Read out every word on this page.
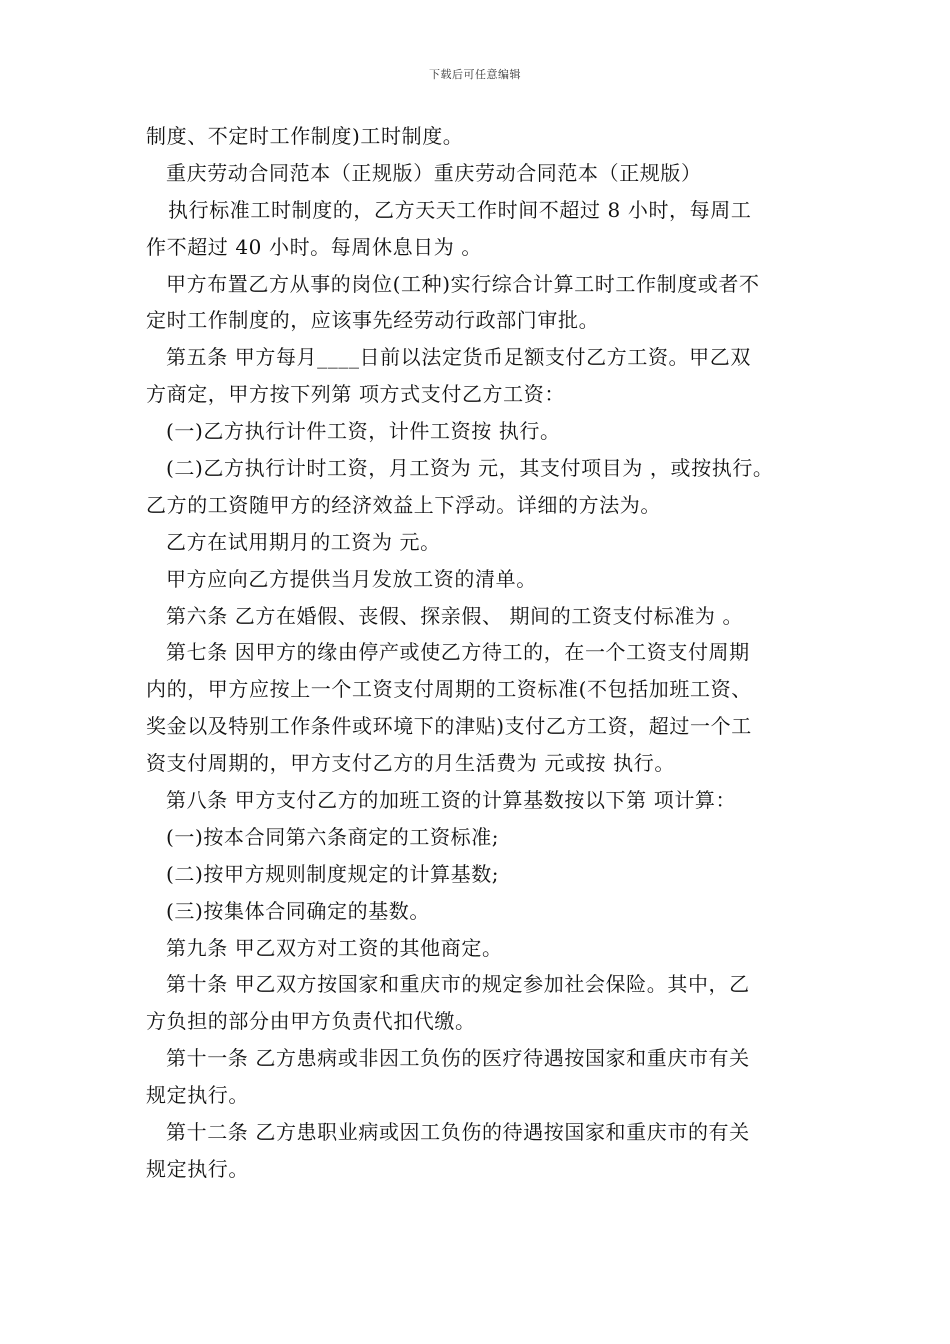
下载后可任意编辑
制度、不定时工作制度)工时制度。
重庆劳动合同范本（正规版）重庆劳动合同范本（正规版）
执行标准工时制度的，乙方天天工作时间不超过 8 小时，每周工
作不超过 40 小时。每周休息日为 。
甲方布置乙方从事的岗位(工种)实行综合计算工时工作制度或者不
定时工作制度的，应该事先经劳动行政部门审批。
第五条 甲方每月____日前以法定货币足额支付乙方工资。甲乙双
方商定，甲方按下列第 项方式支付乙方工资：
(一)乙方执行计件工资，计件工资按 执行。
(二)乙方执行计时工资，月工资为 元，其支付项目为 ，或按执行。
乙方的工资随甲方的经济效益上下浮动。详细的方法为。
乙方在试用期月的工资为 元。
甲方应向乙方提供当月发放工资的清单。
第六条 乙方在婚假、丧假、探亲假、 期间的工资支付标准为 。
第七条 因甲方的缘由停产或使乙方待工的，在一个工资支付周期
内的，甲方应按上一个工资支付周期的工资标准(不包括加班工资、
奖金以及特别工作条件或环境下的津贴)支付乙方工资，超过一个工
资支付周期的，甲方支付乙方的月生活费为 元或按 执行。
第八条 甲方支付乙方的加班工资的计算基数按以下第 项计算：
(一)按本合同第六条商定的工资标准;
(二)按甲方规则制度规定的计算基数;
(三)按集体合同确定的基数。
第九条 甲乙双方对工资的其他商定。
第十条 甲乙双方按国家和重庆市的规定参加社会保险。其中，乙
方负担的部分由甲方负责代扣代缴。
第十一条 乙方患病或非因工负伤的医疗待遇按国家和重庆市有关
规定执行。
第十二条 乙方患职业病或因工负伤的待遇按国家和重庆市的有关
规定执行。
